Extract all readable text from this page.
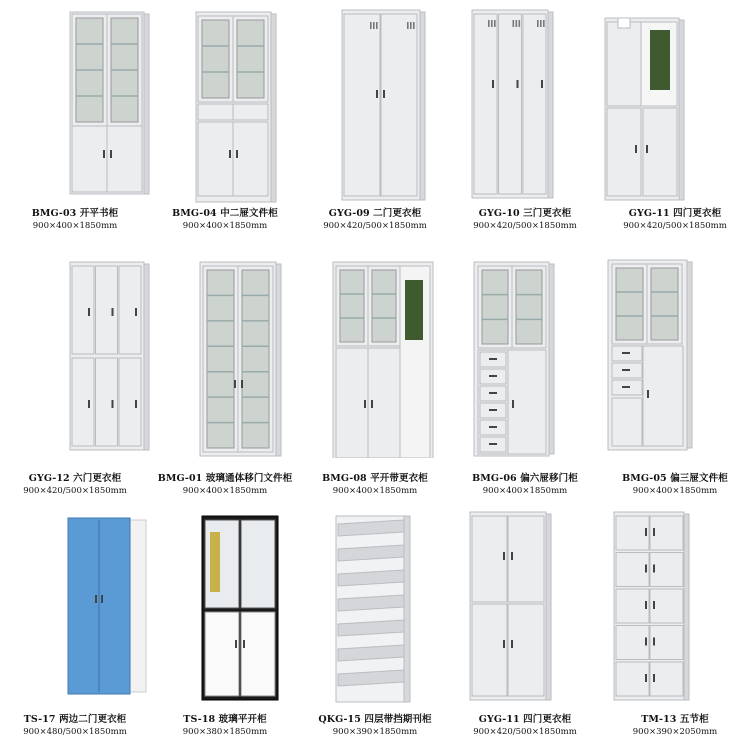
BMG-03 开平书柜
900×400×1850mm
BMG-04 中二屉文件柜
900×400×1850mm
GYG-09 二门更衣柜
900×420/500×1850mm
GYG-10 三门更衣柜
900×420/500×1850mm
GYG-11 四门更衣柜
900×420/500×1850mm
GYG-12 六门更衣柜
900×420/500×1850mm
BMG-01 玻璃通体移门文件柜
900×400×1850mm
BMG-08 平开带更衣柜
900×400×1850mm
BMG-06 偏六屉移门柜
900×400×1850mm
BMG-05 偏三屉文件柜
900×400×1850mm
TS-17 两边二门更衣柜
900×480/500×1850mm
TS-18 玻璃平开柜
900×380×1850mm
QKG-15 四层带挡期刊柜
900×390×1850mm
GYG-11 四门更衣柜
900×420/500×1850mm
TM-13 五节柜
900×390×2050mm
